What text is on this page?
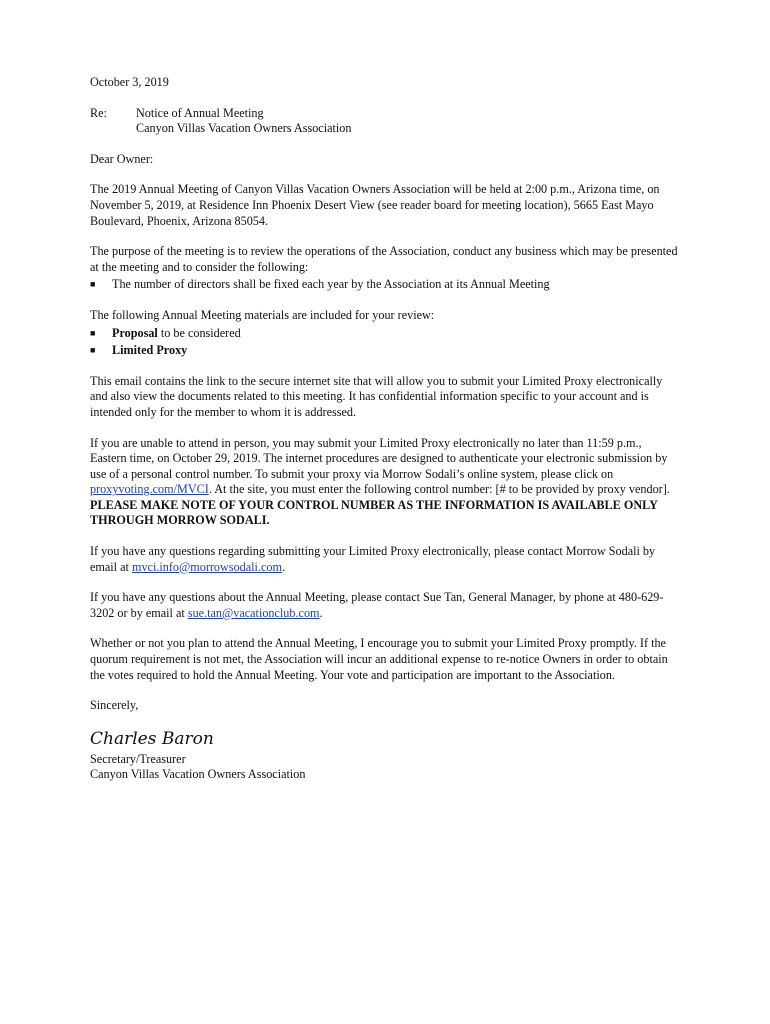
October 3, 2019

Re:	Notice of Annual Meeting
Canyon Villas Vacation Owners Association

Dear Owner:

The 2019 Annual Meeting of Canyon Villas Vacation Owners Association will be held at 2:00 p.m., Arizona time, on November 5, 2019, at Residence Inn Phoenix Desert View (see reader board for meeting location), 5665 East Mayo Boulevard, Phoenix, Arizona 85054.

The purpose of the meeting is to review the operations of the Association, conduct any business which may be presented at the meeting and to consider the following:

■	The number of directors shall be fixed each year by the Association at its Annual Meeting

The following Annual Meeting materials are included for your review:

■	Proposal to be considered
■	Limited Proxy

This email contains the link to the secure internet site that will allow you to submit your Limited Proxy electronically and also view the documents related to this meeting. It has confidential information specific to your account and is intended only for the member to whom it is addressed.

If you are unable to attend in person, you may submit your Limited Proxy electronically no later than 11:59 p.m., Eastern time, on October 29, 2019. The internet procedures are designed to authenticate your electronic submission by use of a personal control number. To submit your proxy via Morrow Sodali’s online system, please click on proxyvoting.com/MVCI. At the site, you must enter the following control number: [# to be provided by proxy vendor]. PLEASE MAKE NOTE OF YOUR CONTROL NUMBER AS THE INFORMATION IS AVAILABLE ONLY THROUGH MORROW SODALI.

If you have any questions regarding submitting your Limited Proxy electronically, please contact Morrow Sodali by email at mvci.info@morrowsodali.com.

If you have any questions about the Annual Meeting, please contact Sue Tan, General Manager, by phone at 480-629-3202 or by email at sue.tan@vacationclub.com.

Whether or not you plan to attend the Annual Meeting, I encourage you to submit your Limited Proxy promptly. If the quorum requirement is not met, the Association will incur an additional expense to re-notice Owners in order to obtain the votes required to hold the Annual Meeting. Your vote and participation are important to the Association.

Sincerely,

Charles Baron

Secretary/Treasurer

Canyon Villas Vacation Owners Association
